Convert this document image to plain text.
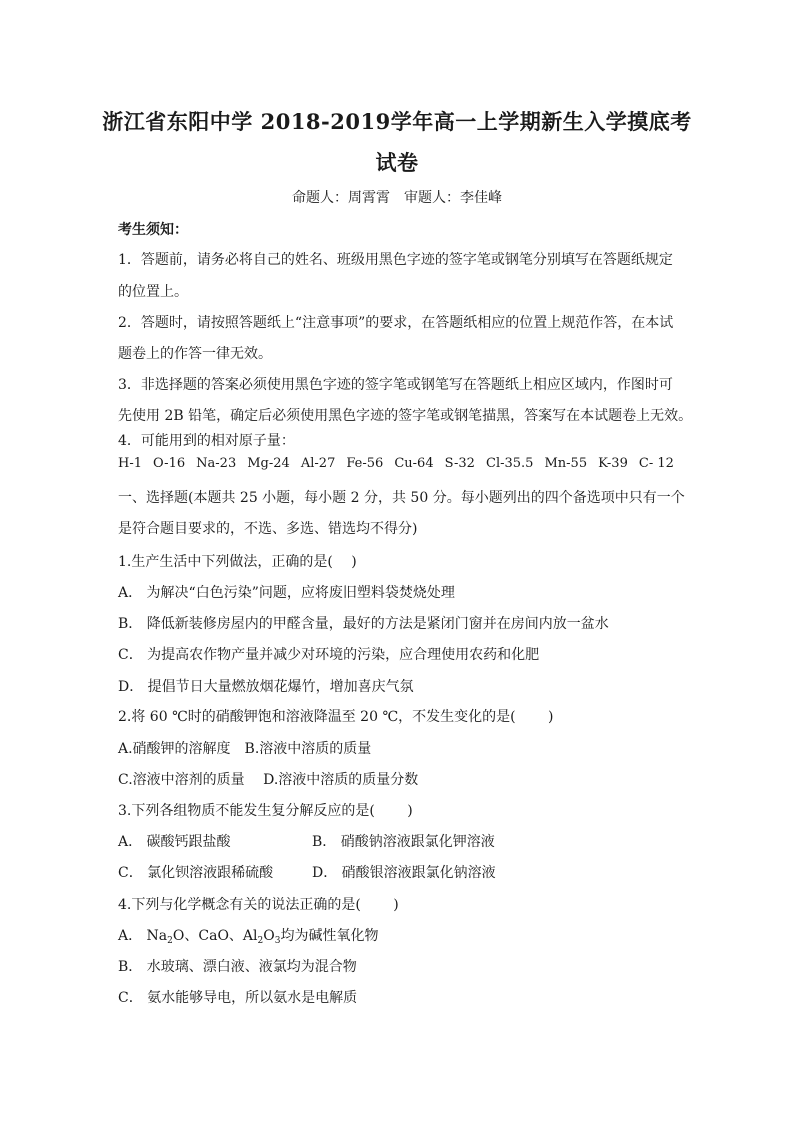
浙江省东阳中学 2018-2019学年高一上学期新生入学摸底考
试卷
命题人：周霄霄　审题人：李佳峰
考生须知：
1．答题前，请务必将自己的姓名、班级用黑色字迹的签字笔或钢笔分别填写在答题纸规定
的位置上。
2．答题时，请按照答题纸上“注意事项”的要求，在答题纸相应的位置上规范作答，在本试
题卷上的作答一律无效。
3．非选择题的答案必须使用黑色字迹的签字笔或钢笔写在答题纸上相应区域内，作图时可
先使用 2B 铅笔，确定后必须使用黑色字迹的签字笔或钢笔描黑，答案写在本试题卷上无效。
4．可能用到的相对原子量：
H-1 O-16 Na-23 Mg-24 Al-27 Fe-56 Cu-64 S-32 Cl-35.5 Mn-55 K-39 C- 12
一、选择题(本题共 25 小题，每小题 2 分，共 50 分。每小题列出的四个备选项中只有一个
是符合题目要求的，不选、多选、错选均不得分)
1.生产生活中下列做法，正确的是(　 )
A． 为解决“白色污染”问题，应将废旧塑料袋焚烧处理
B． 降低新装修房屋内的甲醛含量，最好的方法是紧闭门窗并在房间内放一盆水
C． 为提高农作物产量并减少对环境的污染，应合理使用农药和化肥
D． 提倡节日大量燃放烟花爆竹，增加喜庆气氛
2.将 60 ℃时的硝酸钾饱和溶液降温至 20 ℃，不发生变化的是(　 　)
A.硝酸钾的溶解度　B.溶液中溶质的质量
C.溶液中溶剂的质量　 D.溶液中溶质的质量分数
3.下列各组物质不能发生复分解反应的是(　 　)
A． 碳酸钙跟盐酸	B． 硝酸钠溶液跟氯化钾溶液
C． 氯化钡溶液跟稀硫酸	D． 硝酸银溶液跟氯化钠溶液
4.下列与化学概念有关的说法正确的是(　 　)
A． $Na_2O$、CaO、$Al_2O_3$均为碱性氧化物
B． 水玻璃、漂白液、液氯均为混合物
C． 氨水能够导电，所以氨水是电解质
